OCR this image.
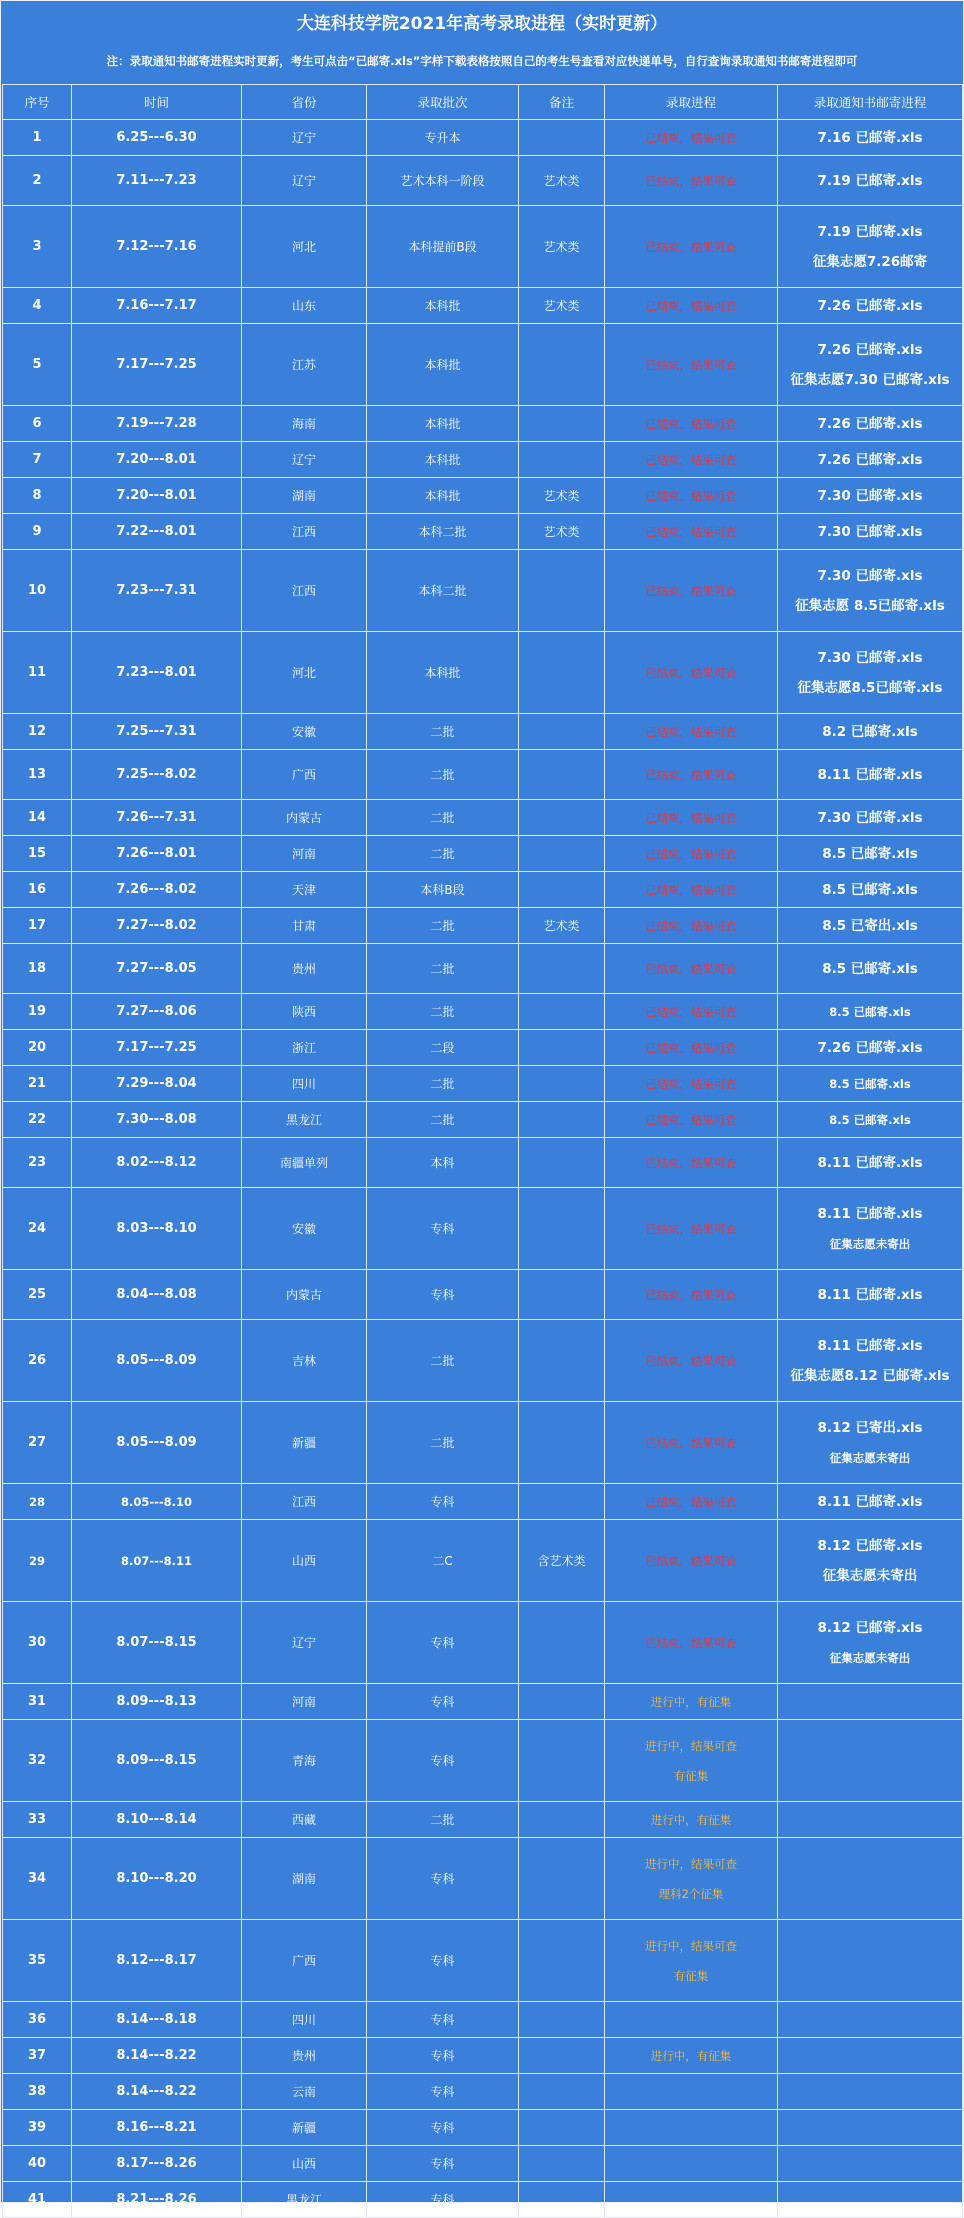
大连科技学院2021年高考录取进程（实时更新）
注：录取通知书邮寄进程实时更新，考生可点击“已邮寄.xls”字样下载表格按照自己的考生号查看对应快递单号，自行查询录取通知书邮寄进程即可
序号	时间	省份	录取批次	备注	录取进程	录取通知书邮寄进程

1	6.25---6.30	辽宁	专升本		已结束，结果可查	7.16 已邮寄.xls

2	7.11---7.23	辽宁	艺术本科一阶段	艺术类	已结束，结果可查	7.19 已邮寄.xls

3	7.12---7.16	河北	本科提前B段	艺术类	已结束，结果可查	7.19 已邮寄.xls
征集志愿7.26邮寄

4	7.16---7.17	山东	本科批	艺术类	已结束，结果可查	7.26 已邮寄.xls

5	7.17---7.25	江苏	本科批		已结束，结果可查	7.26 已邮寄.xls
征集志愿7.30 已邮寄.xls

6	7.19---7.28	海南	本科批		已结束，结果可查	7.26 已邮寄.xls

7	7.20---8.01	辽宁	本科批		已结束，结果可查	7.26 已邮寄.xls

8	7.20---8.01	湖南	本科批	艺术类	已结束，结果可查	7.30 已邮寄.xls

9	7.22---8.01	江西	本科二批	艺术类	已结束，结果可查	7.30 已邮寄.xls

10	7.23---7.31	江西	本科二批		已结束，结果可查	7.30 已邮寄.xls
征集志愿 8.5已邮寄.xls

11	7.23---8.01	河北	本科批		已结束，结果可查	7.30 已邮寄.xls
征集志愿8.5已邮寄.xls

12	7.25---7.31	安徽	二批		已结束，结果可查	8.2 已邮寄.xls

13	7.25---8.02	广西	二批		已结束，结果可查	8.11 已邮寄.xls

14	7.26---7.31	内蒙古	二批		已结束，结果可查	7.30 已邮寄.xls

15	7.26---8.01	河南	二批		已结束，结果可查	8.5 已邮寄.xls

16	7.26---8.02	天津	本科B段		已结束，结果可查	8.5 已邮寄.xls

17	7.27---8.02	甘肃	二批	艺术类	已结束，结果可查	8.5 已寄出.xls

18	7.27---8.05	贵州	二批		已结束，结果可查	8.5 已邮寄.xls

19	7.27---8.06	陕西	二批		已结束，结果可查	8.5 已邮寄.xls

20	7.17---7.25	浙江	二段		已结束，结果可查	7.26 已邮寄.xls

21	7.29---8.04	四川	二批		已结束，结果可查	8.5 已邮寄.xls

22	7.30---8.08	黑龙江	二批		已结束，结果可查	8.5 已邮寄.xls

23	8.02---8.12	南疆单列	本科		已结束，结果可查	8.11 已邮寄.xls

24	8.03---8.10	安徽	专科		已结束，结果可查	8.11 已邮寄.xls
征集志愿未寄出

25	8.04---8.08	内蒙古	专科		已结束，结果可查	8.11 已邮寄.xls

26	8.05---8.09	吉林	二批		已结束，结果可查	8.11 已邮寄.xls
征集志愿8.12 已邮寄.xls

27	8.05---8.09	新疆	二批		已结束，结果可查	8.12 已寄出.xls
征集志愿未寄出

28	8.05---8.10	江西	专科		已结束，结果可查	8.11 已邮寄.xls

29	8.07---8.11	山西	二C	含艺术类	已结束，结果可查	8.12 已邮寄.xls
征集志愿未寄出

30	8.07---8.15	辽宁	专科		已结束，结果可查	8.12 已邮寄.xls
征集志愿未寄出

31	8.09---8.13	河南	专科		进行中，有征集	

32	8.09---8.15	青海	专科		进行中，结果可查
有征集	

33	8.10---8.14	西藏	二批		进行中，有征集	

34	8.10---8.20	湖南	专科		进行中，结果可查
理科2个征集	

35	8.12---8.17	广西	专科		进行中，结果可查
有征集	

36	8.14---8.18	四川	专科			

37	8.14---8.22	贵州	专科		进行中，有征集	

38	8.14---8.22	云南	专科			

39	8.16---8.21	新疆	专科			

40	8.17---8.26	山西	专科			

41	8.21---8.26	黑龙江	专科			
